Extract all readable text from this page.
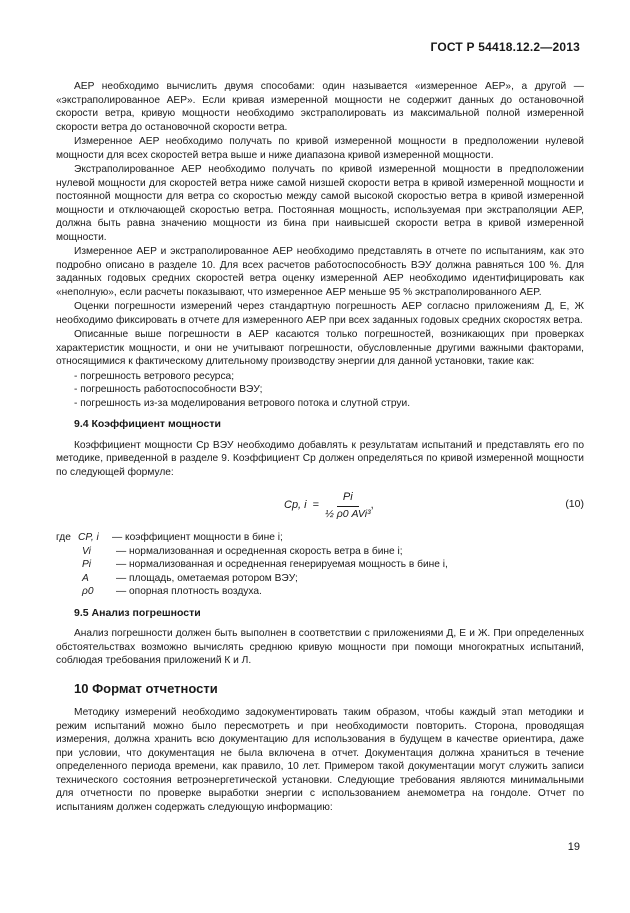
ГОСТ Р 54418.12.2—2013

AEP необходимо вычислить двумя способами: один называется «измеренное AEP», а другой — «экстраполированное AEP». Если кривая измеренной мощности не содержит данных до остановочной скорости ветра, кривую мощности необходимо экстраполировать из максимальной полной измеренной скорости ветра до остановочной скорости ветра.

Измеренное AEP необходимо получать по кривой измеренной мощности в предположении нулевой мощности для всех скоростей ветра выше и ниже диапазона кривой измеренной мощности.

Экстраполированное AEP необходимо получать по кривой измеренной мощности в предположении нулевой мощности для скоростей ветра ниже самой низшей скорости ветра в кривой измеренной мощности и постоянной мощности для ветра со скоростью между самой высокой скоростью ветра в кривой измеренной мощности и отключающей скоростью ветра. Постоянная мощность, используемая при экстраполяции AEP, должна быть равна значению мощности из бина при наивысшей скорости ветра в кривой измеренной мощности.

Измеренное AEP и экстраполированное AEP необходимо представлять в отчете по испытаниям, как это подробно описано в разделе 10. Для всех расчетов работоспособность ВЭУ должна равняться 100 %. Для заданных годовых средних скоростей ветра оценку измеренной AEP необходимо идентифицировать как «неполную», если расчеты показывают, что измеренное AEP меньше 95 % экстраполированного AEP.

Оценки погрешности измерений через стандартную погрешность AEP согласно приложениям Д, Е, Ж необходимо фиксировать в отчете для измеренного AEP при всех заданных годовых средних скоростях ветра.

Описанные выше погрешности в AEP касаются только погрешностей, возникающих при проверках характеристик мощности, и они не учитывают погрешности, обусловленные другими важными факторами, относящимися к фактическому длительному производству энергии для данной установки, такие как:

- погрешность ветрового ресурса;
- погрешность работоспособности ВЭУ;
- погрешность из-за моделирования ветрового потока и слутной струи.
9.4 Коэффициент мощности

Коэффициент мощности Cp ВЭУ необходимо добавлять к результатам испытаний и представлять его по методике, приведенной в разделе 9. Коэффициент Cp должен определяться по кривой измеренной мощности по следующей формуле:

Cp, $i = \frac{Pi}{\text{½ ρ0 AVi³}}$ ,	(10)
где CP, i	— коэффициент мощности в бине i;
Vi	— нормализованная и осредненная скорость ветра в бине i;
Pi	— нормализованная и осредненная генерируемая мощность в бине i,
A	— площадь, ометаемая ротором ВЭУ;
ρ0	— опорная плотность воздуха.
9.5 Анализ погрешности

Анализ погрешности должен быть выполнен в соответствии с приложениями Д, Е и Ж. При определенных обстоятельствах возможно вычислять среднюю кривую мощности при помощи многократных испытаний, соблюдая требования приложений К и Л.

10 Формат отчетности

Методику измерений необходимо задокументировать таким образом, чтобы каждый этап методики и режим испытаний можно было пересмотреть и при необходимости повторить. Сторона, проводящая измерения, должна хранить всю документацию для использования в будущем в качестве ориентира, даже при условии, что документация не была включена в отчет. Документация должна храниться в течение определенного периода времени, как правило, 10 лет. Примером такой документации могут служить записи технического состояния ветроэнергетической установки. Следующие требования являются минимальными для отчетности по проверке выработки энергии с использованием анемометра на гондоле. Отчет по испытаниям должен содержать следующую информацию:

19
